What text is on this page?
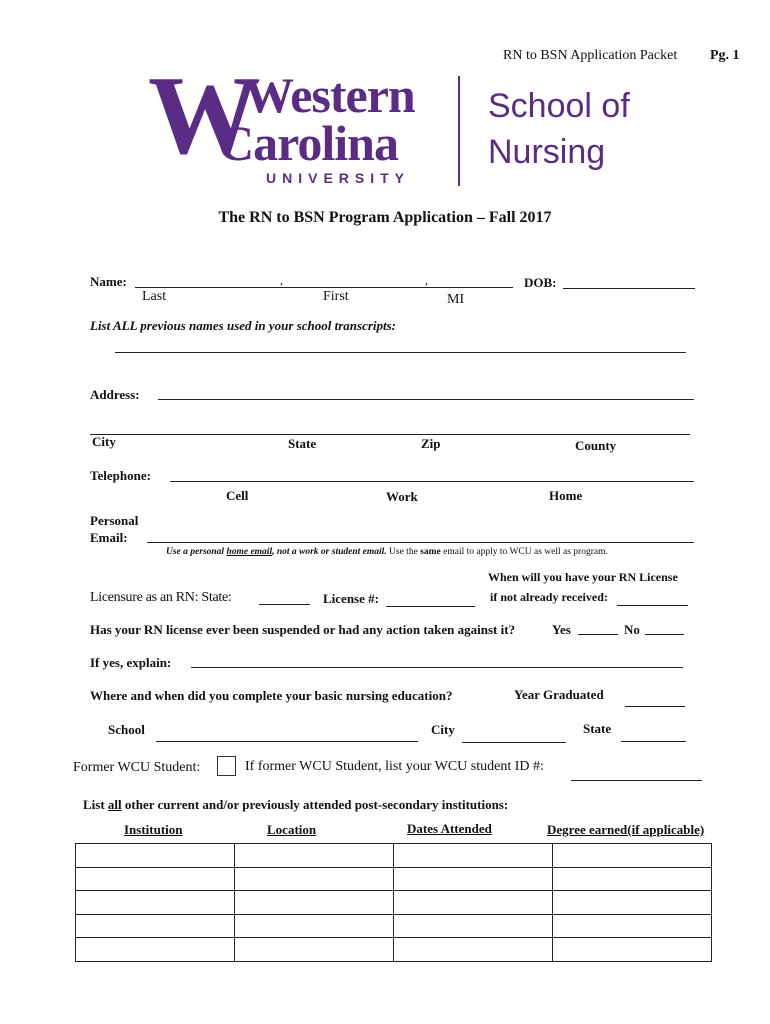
RN to BSN Application Packet Pg. 1
W
Western
Carolina
UNIVERSITY
School of
Nursing
The RN to BSN Program Application – Fall 2017
Name:	,	,
Last	First	MI
DOB:
List ALL previous names used in your school transcripts:
Address:
City	State	Zip	County
Telephone:
Cell	Work	Home
Personal
Email:
Use a personal home email, not a work or student email. Use the same email to apply to WCU as well as program.
When will you have your RN License
if not already received:
Licensure as an RN: State:	License #:
Has your RN license ever been suspended or had any action taken against it?	Yes	No
If yes, explain:
Where and when did you complete your basic nursing education?	Year Graduated
School	City	State
Former WCU Student:	If former WCU Student, list your WCU student ID #:
List all other current and/or previously attended post-secondary institutions:
Institution	Location	Dates Attended	Degree earned(if applicable)
